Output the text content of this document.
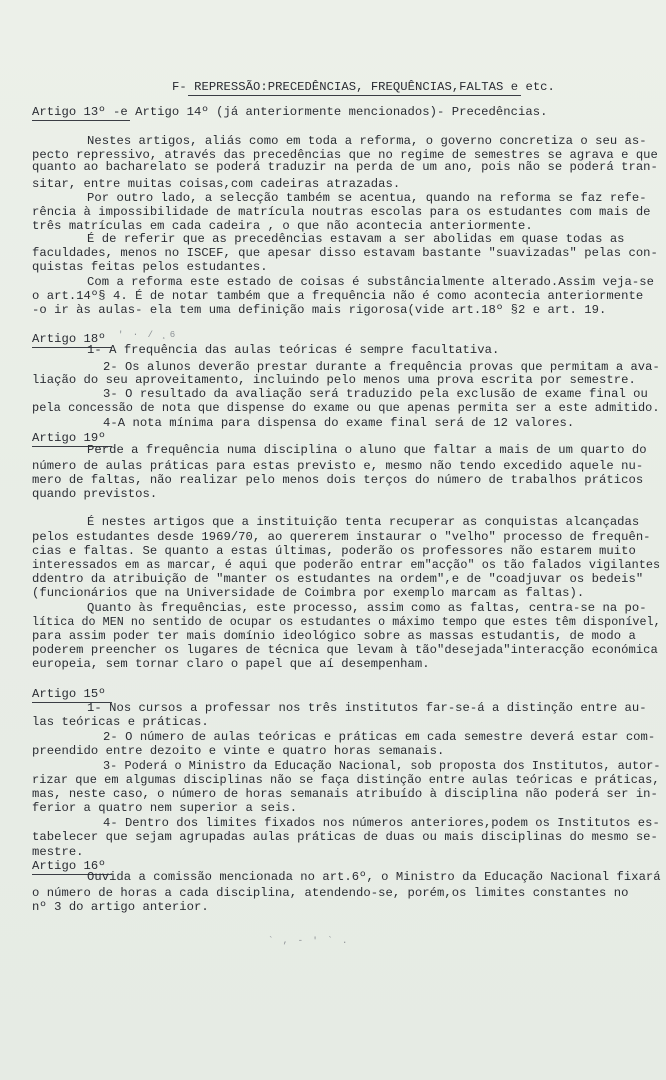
F- REPRESSÃO:PRECEDÊNCIAS, FREQUÊNCIAS,FALTAS e etc.
Artigo 13º -e Artigo 14º (já anteriormente mencionados)- Precedências.
Nestes artigos, aliás como em toda a reforma, o governo concretiza o seu as-
pecto repressivo, através das precedências que no regime de semestres se agrava e que
quanto ao bacharelato se poderá traduzir na perda de um ano, pois não se poderá tran-
sitar, entre muitas coisas,com cadeiras atrazadas.
Por outro lado, a selecção também se acentua, quando na reforma se faz refe-
rência à impossibilidade de matrícula noutras escolas para os estudantes com mais de
três matrículas em cada cadeira , o que não acontecia anteriormente.
É de referir que as precedências estavam a ser abolidas em quase todas as
faculdades, menos no ISCEF, que apesar disso estavam bastante "suavizadas" pelas con-
quistas feitas pelos estudantes.
Com a reforma este estado de coisas é substâncialmente alterado.Assim veja-se
o art.14º§ 4. É de notar também que a frequência não é como acontecia anteriormente
-o ir às aulas- ela tem uma definição mais rigorosa(vide art.18º §2 e art. 19.
Artigo 18º ' · / ¸6
1- A frequência das aulas teóricas é sempre facultativa.
2- Os alunos deverão prestar durante a frequência provas que permitam a ava-
liação do seu aproveitamento, incluindo pelo menos uma prova escrita por semestre.
3- O resultado da avaliação será traduzido pela exclusão de exame final ou
pela concessão de nota que dispense do exame ou que apenas permita ser a este admitido.
4-A nota mínima para dispensa do exame final será de 12 valores.
Artigo 19º
Perde a frequência numa disciplina o aluno que faltar a mais de um quarto do
número de aulas práticas para estas previsto e, mesmo não tendo excedido aquele nu-
mero de faltas, não realizar pelo menos dois terços do número de trabalhos práticos
quando previstos.
É nestes artigos que a instituição tenta recuperar as conquistas alcançadas
pelos estudantes desde 1969/70, ao quererem instaurar o "velho" processo de frequên-
cias e faltas. Se quanto a estas últimas, poderão os professores não estarem muito
interessados em as marcar, é aqui que poderão entrar em"acção" os tão falados vigilantes
ddentro da atribuição de "manter os estudantes na ordem",e de "coadjuvar os bedeis"
(funcionários que na Universidade de Coimbra por exemplo marcam as faltas).
Quanto às frequências, este processo, assim como as faltas, centra-se na po-
lítica do MEN no sentido de ocupar os estudantes o máximo tempo que estes têm disponível,
para assim poder ter mais domínio ideológico sobre as massas estudantis, de modo a
poderem preencher os lugares de técnica que levam à tão"desejada"interacção económica
europeia, sem tornar claro o papel que aí desempenham.
Artigo 15º
1- Nos cursos a professar nos três institutos far-se-á a distinção entre au-
las teóricas e práticas.
2- O número de aulas teóricas e práticas em cada semestre deverá estar com-
preendido entre dezoito e vinte e quatro horas semanais.
3- Poderá o Ministro da Educação Nacional, sob proposta dos Institutos, autor-
rizar que em algumas disciplinas não se faça distinção entre aulas teóricas e práticas,
mas, neste caso, o número de horas semanais atribuído à disciplina não poderá ser in-
ferior a quatro nem superior a seis.
4- Dentro dos limites fixados nos números anteriores,podem os Institutos es-
tabelecer que sejam agrupadas aulas práticas de duas ou mais disciplinas do mesmo se-
mestre.
Artigo 16º
Ouvida a comissão mencionada no art.6º, o Ministro da Educação Nacional fixará
o número de horas a cada disciplina, atendendo-se, porém,os limites constantes no
nº 3 do artigo anterior.
` , - ' ` .
